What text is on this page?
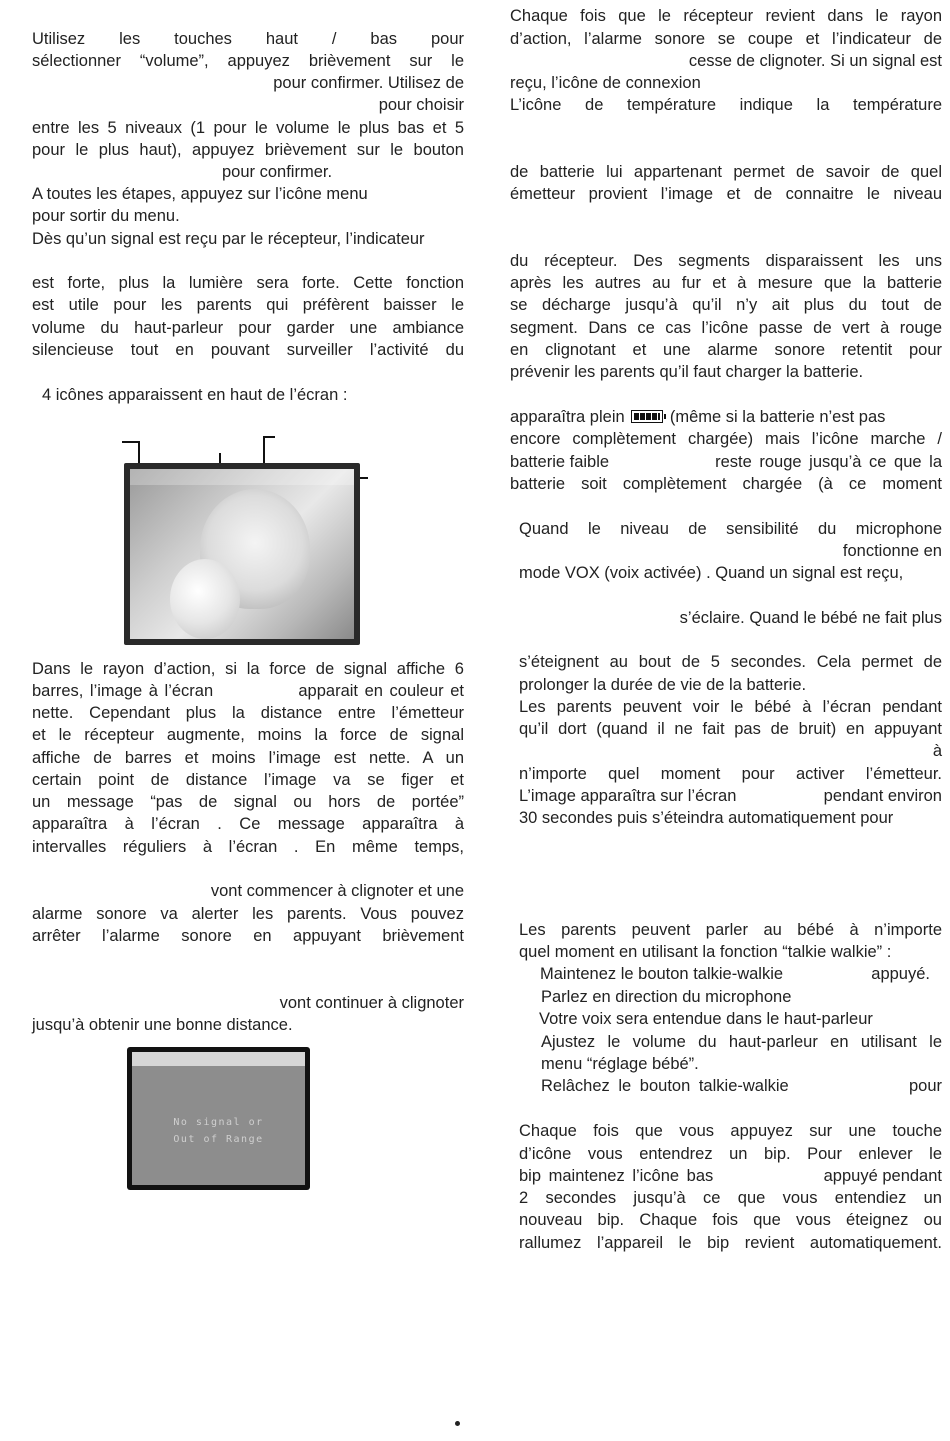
Utilisez les touches haut / bas pour
sélectionner “volume”, appuyez brièvement sur le
pour confirmer. Utilisez de
pour choisir
entre les 5 niveaux (1 pour le volume le plus bas et 5
pour le plus haut), appuyez brièvement sur le bouton
pour confirmer.
A toutes les étapes, appuyez sur l’icône menu
pour sortir du menu.
Dès qu’un signal est reçu par le récepteur, l’indicateur
est forte, plus la lumière sera forte. Cette fonction
est utile pour les parents qui préfèrent baisser le
volume du haut-parleur pour garder une ambiance
silencieuse tout en pouvant surveiller l’activité du
4 icônes apparaissent en haut de l’écran :
Dans le rayon d’action, si la force de signal affiche 6
barres, l’image à l’écran	apparait en couleur et
nette. Cependant plus la distance entre l’émetteur
et le récepteur augmente, moins la force de signal
affiche de barres et moins l’image est nette. A un
certain point de distance l’image va se figer et
un message “pas de signal ou hors de portée”
apparaîtra à l’écran . Ce message apparaîtra à
intervalles réguliers à l’écran . En même temps,
vont commencer à clignoter et une
alarme sonore va alerter les parents. Vous pouvez
arrêter l’alarme sonore en appuyant brièvement
vont continuer à clignoter
jusqu’à obtenir une bonne distance.
No signal or
Out of Range
Chaque fois que le récepteur revient dans le rayon
d’action, l’alarme sonore se coupe et l’indicateur de
cesse de clignoter. Si un signal est
reçu, l’icône de connexion
L’icône de température indique la température
de batterie lui appartenant permet de savoir de quel
émetteur provient l’image et de connaitre le niveau
du récepteur. Des segments disparaissent les uns
après les autres au fur et à mesure que la batterie
se décharge jusqu’à qu’il n’y ait plus du tout de
segment. Dans ce cas l’icône passe de vert à rouge
en clignotant et une alarme sonore retentit pour
prévenir les parents qu’il faut charger la batterie.
apparaîtra plein	(même si la batterie n’est pas
encore complètement chargée) mais l’icône marche /
batterie faible	reste rouge jusqu’à ce que la
batterie soit complètement chargée (à ce moment
Quand le niveau de sensibilité du microphone
fonctionne en
mode VOX (voix activée) . Quand un signal est reçu,
s’éclaire. Quand le bébé ne fait plus
s’éteignent au bout de 5 secondes. Cela permet de
prolonger la durée de vie de la batterie.
Les parents peuvent voir le bébé à l’écran pendant
qu’il dort (quand il ne fait pas de bruit) en appuyant
à
n’importe quel moment pour activer l’émetteur.
L’image apparaîtra sur l’écran	pendant environ
30 secondes puis s’éteindra automatiquement pour
Les parents peuvent parler au bébé à n’importe
quel moment en utilisant la fonction “talkie walkie” :
Maintenez le bouton talkie-walkie	appuyé.
Parlez en direction du microphone
Votre voix sera entendue dans le haut-parleur
Ajustez le volume du haut-parleur en utilisant le
menu “réglage bébé”.
Relâchez le bouton talkie-walkie	pour
Chaque fois que vous appuyez sur une touche
d’icône vous entendrez un bip. Pour enlever le
bip maintenez l’icône bas	appuyé pendant
2 secondes jusqu’à ce que vous entendiez un
nouveau bip. Chaque fois que vous éteignez ou
rallumez l’appareil le bip revient automatiquement.
